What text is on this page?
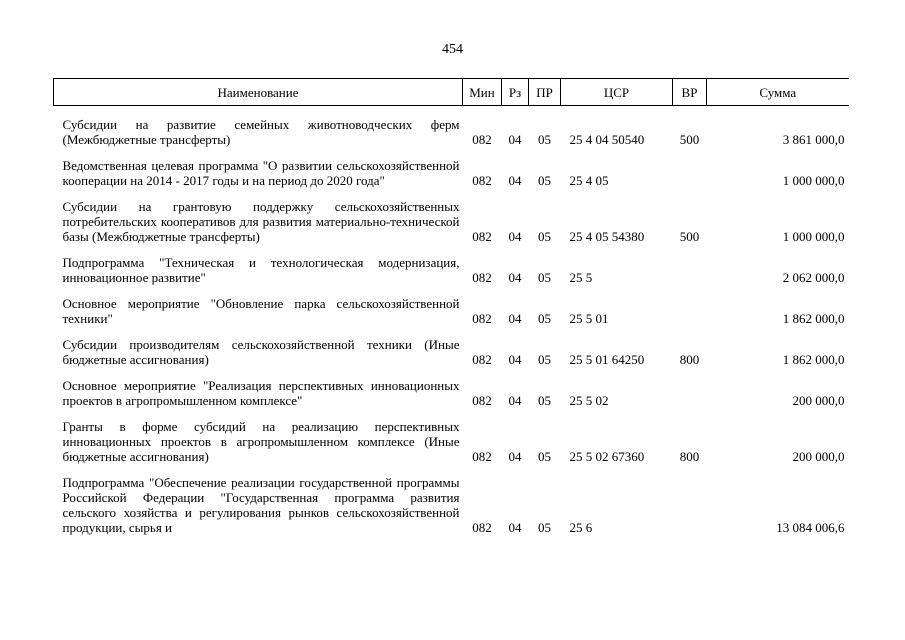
454
Наименование	Мин	Рз	ПР	ЦСР	ВР	Сумма
Субсидии на развитие семейных животноводческих ферм (Межбюджетные трансферты)	082	04	05	25 4 04 50540	500	3 861 000,0
Ведомственная целевая программа "О развитии сельскохозяйственной кооперации на 2014 - 2017 годы и на период до 2020 года"	082	04	05	25 4 05		1 000 000,0
Субсидии на грантовую поддержку сельскохозяйственных потребительских кооперативов для развития материально-технической базы (Межбюджетные трансферты)	082	04	05	25 4 05 54380	500	1 000 000,0
Подпрограмма "Техническая и технологическая модернизация, инновационное развитие"	082	04	05	25 5		2 062 000,0
Основное мероприятие "Обновление парка сельскохозяйственной техники"	082	04	05	25 5 01		1 862 000,0
Субсидии производителям сельскохозяйственной техники (Иные бюджетные ассигнования)	082	04	05	25 5 01 64250	800	1 862 000,0
Основное мероприятие "Реализация перспективных инновационных проектов в агропромышленном комплексе"	082	04	05	25 5 02		200 000,0
Гранты в форме субсидий на реализацию перспективных инновационных проектов в агропромышленном комплексе (Иные бюджетные ассигнования)	082	04	05	25 5 02 67360	800	200 000,0
Подпрограмма "Обеспечение реализации государственной программы Российской Федерации "Государственная программа развития сельского хозяйства и регулирования рынков сельскохозяйственной продукции, сырья и	082	04	05	25 6		13 084 006,6
